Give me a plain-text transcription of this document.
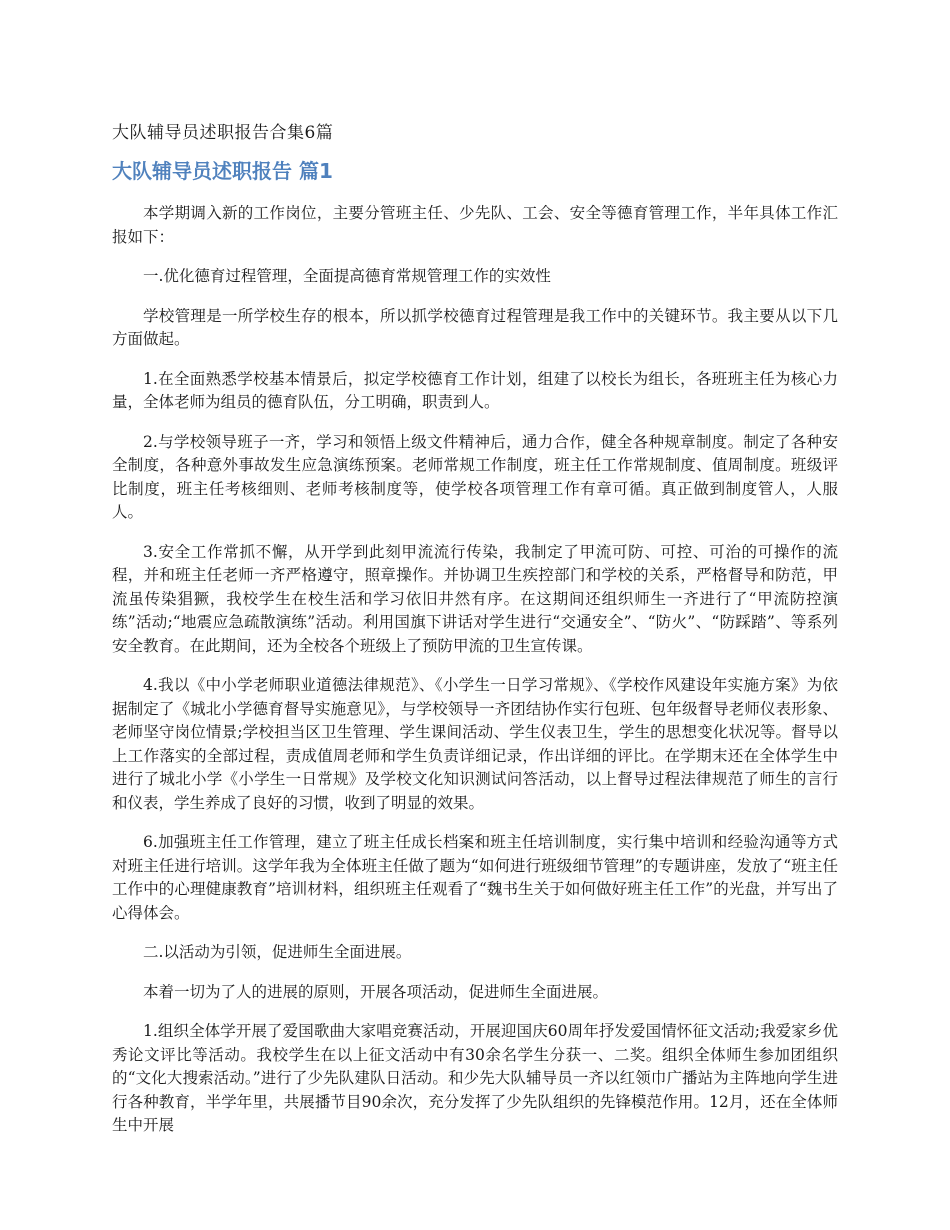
大队辅导员述职报告合集6篇
大队辅导员述职报告 篇1

本学期调入新的工作岗位，主要分管班主任、少先队、工会、安全等德育管理工作，半年具体工作汇报如下：

一.优化德育过程管理，全面提高德育常规管理工作的实效性

学校管理是一所学校生存的根本，所以抓学校德育过程管理是我工作中的关键环节。我主要从以下几方面做起。

1.在全面熟悉学校基本情景后，拟定学校德育工作计划，组建了以校长为组长，各班班主任为核心力量，全体老师为组员的德育队伍，分工明确，职责到人。

2.与学校领导班子一齐，学习和领悟上级文件精神后，通力合作，健全各种规章制度。制定了各种安全制度，各种意外事故发生应急演练预案。老师常规工作制度，班主任工作常规制度、值周制度。班级评比制度，班主任考核细则、老师考核制度等，使学校各项管理工作有章可循。真正做到制度管人，人服人。

3.安全工作常抓不懈，从开学到此刻甲流流行传染，我制定了甲流可防、可控、可治的可操作的流程，并和班主任老师一齐严格遵守，照章操作。并协调卫生疾控部门和学校的关系，严格督导和防范，甲流虽传染猖獗，我校学生在校生活和学习依旧井然有序。在这期间还组织师生一齐进行了“甲流防控演练”活动;“地震应急疏散演练”活动。利用国旗下讲话对学生进行“交通安全”、“防火”、“防踩踏”、等系列安全教育。在此期间，还为全校各个班级上了预防甲流的卫生宣传课。

4.我以《中小学老师职业道德法律规范》、《小学生一日学习常规》、《学校作风建设年实施方案》为依据制定了《城北小学德育督导实施意见》，与学校领导一齐团结协作实行包班、包年级督导老师仪表形象、老师坚守岗位情景;学校担当区卫生管理、学生课间活动、学生仪表卫生，学生的思想变化状况等。督导以上工作落实的全部过程，责成值周老师和学生负责详细记录，作出详细的评比。在学期末还在全体学生中进行了城北小学《小学生一日常规》及学校文化知识测试问答活动，以上督导过程法律规范了师生的言行和仪表，学生养成了良好的习惯，收到了明显的效果。

6.加强班主任工作管理，建立了班主任成长档案和班主任培训制度，实行集中培训和经验沟通等方式对班主任进行培训。这学年我为全体班主任做了题为“如何进行班级细节管理”的专题讲座，发放了“班主任工作中的心理健康教育”培训材料，组织班主任观看了“魏书生关于如何做好班主任工作”的光盘，并写出了心得体会。

二.以活动为引领，促进师生全面进展。

本着一切为了人的进展的原则，开展各项活动，促进师生全面进展。

1.组织全体学开展了爱国歌曲大家唱竞赛活动，开展迎国庆60周年抒发爱国情怀征文活动;我爱家乡优秀论文评比等活动。我校学生在以上征文活动中有30余名学生分获一、二奖。组织全体师生参加团组织的“文化大搜索活动。”进行了少先队建队日活动。和少先大队辅导员一齐以红领巾广播站为主阵地向学生进行各种教育，半学年里，共展播节目90余次，充分发挥了少先队组织的先锋模范作用。12月，还在全体师生中开展
